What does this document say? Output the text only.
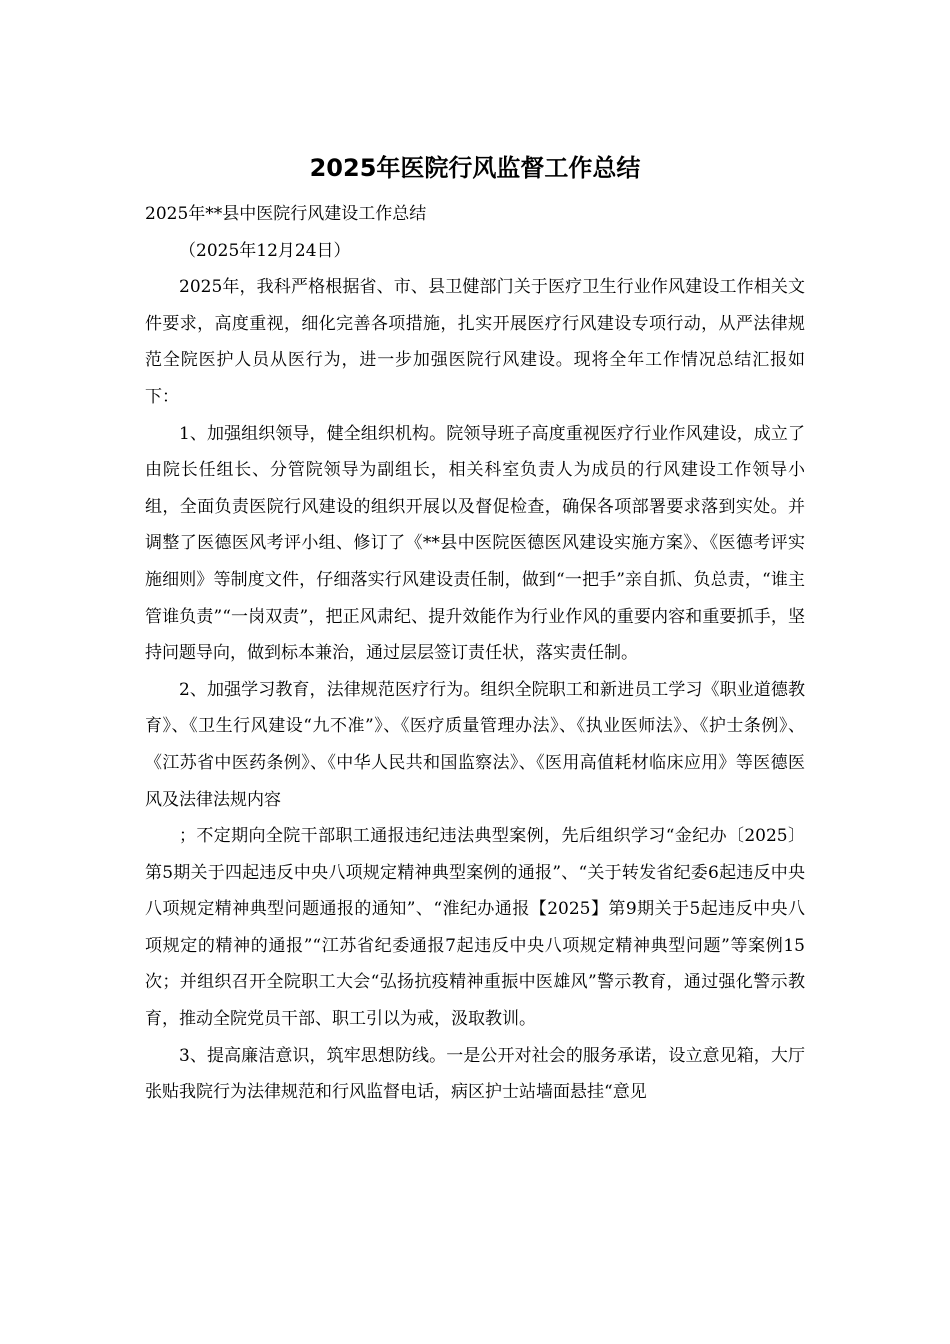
2025年医院行风监督工作总结

2025年**县中医院行风建设工作总结

（2025年12月24日）

2025年，我科严格根据省、市、县卫健部门关于医疗卫生行业作风建设工作相关文件要求，高度重视，细化完善各项措施，扎实开展医疗行风建设专项行动，从严法律规范全院医护人员从医行为，进一步加强医院行风建设。现将全年工作情况总结汇报如下：

1、加强组织领导，健全组织机构。院领导班子高度重视医疗行业作风建设，成立了由院长任组长、分管院领导为副组长，相关科室负责人为成员的行风建设工作领导小组，全面负责医院行风建设的组织开展以及督促检查，确保各项部署要求落到实处。并调整了医德医风考评小组、修订了《**县中医院医德医风建设实施方案》、《医德考评实施细则》等制度文件，仔细落实行风建设责任制，做到“一把手”亲自抓、负总责，“谁主管谁负责”“一岗双责”，把正风肃纪、提升效能作为行业作风的重要内容和重要抓手，坚持问题导向，做到标本兼治，通过层层签订责任状，落实责任制。

2、加强学习教育，法律规范医疗行为。组织全院职工和新进员工学习《职业道德教育》、《卫生行风建设“九不准”》、《医疗质量管理办法》、《执业医师法》、《护士条例》、《江苏省中医药条例》、《中华人民共和国监察法》、《医用高值耗材临床应用》等医德医风及法律法规内容

；不定期向全院干部职工通报违纪违法典型案例，先后组织学习“金纪办〔2025〕第5期关于四起违反中央八项规定精神典型案例的通报”、“关于转发省纪委6起违反中央八项规定精神典型问题通报的通知”、“淮纪办通报【2025】第9期关于5起违反中央八项规定的精神的通报”“江苏省纪委通报7起违反中央八项规定精神典型问题”等案例15次；并组织召开全院职工大会“弘扬抗疫精神重振中医雄风”警示教育，通过强化警示教育，推动全院党员干部、职工引以为戒，汲取教训。

3、提高廉洁意识，筑牢思想防线。一是公开对社会的服务承诺，设立意见箱，大厅张贴我院行为法律规范和行风监督电话，病区护士站墙面悬挂“意见
